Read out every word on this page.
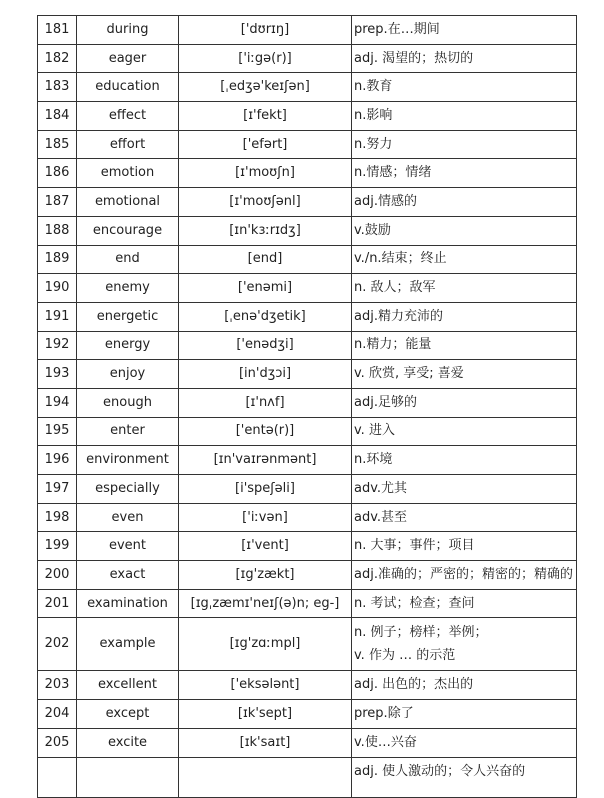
181	during	['dʊrɪŋ]	prep.在…期间
182	eager	['iːgə(r)]	adj. 渴望的；热切的
183	education	[ˌedʒə'keɪʃən]	n.教育
184	effect	[ɪ'fekt]	n.影响
185	effort	['efərt]	n.努力
186	emotion	[ɪ'moʊʃn]	n.情感；情绪
187	emotional	[ɪ'moʊʃənl]	adj.情感的
188	encourage	[ɪn'kɜːrɪdʒ]	v.鼓励
189	end	[end]	v./n.结束；终止
190	enemy	['enəmi]	n. 敌人；敌军
191	energetic	[ˌenə'dʒetik]	adj.精力充沛的
192	energy	['enədʒi]	n.精力；能量
193	enjoy	[in'dʒɔi]	v. 欣赏, 享受; 喜爱
194	enough	[ɪ'nʌf]	adj.足够的
195	enter	['entə(r)]	v. 进入
196	environment	[ɪn'vaɪrənmənt]	n.环境
197	especially	[i'speʃəli]	adv.尤其
198	even	['iːvən]	adv.甚至
199	event	[ɪ'vent]	n. 大事；事件；项目
200	exact	[ɪg'zækt]	adj.准确的；严密的；精密的；精确的
201	examination	[ɪgˌzæmɪ'neɪʃ(ə)n; eg-]	n. 考试；检查；查问
202	example	[ɪg'zɑːmpl]	n. 例子；榜样；举例；
v. 作为 … 的示范

203	excellent	['eksələnt]	adj. 出色的；杰出的
204	except	[ɪk'sept]	prep.除了
205	excite	[ɪk'saɪt]	v.使…兴奋
			adj. 使人激动的；令人兴奋的
